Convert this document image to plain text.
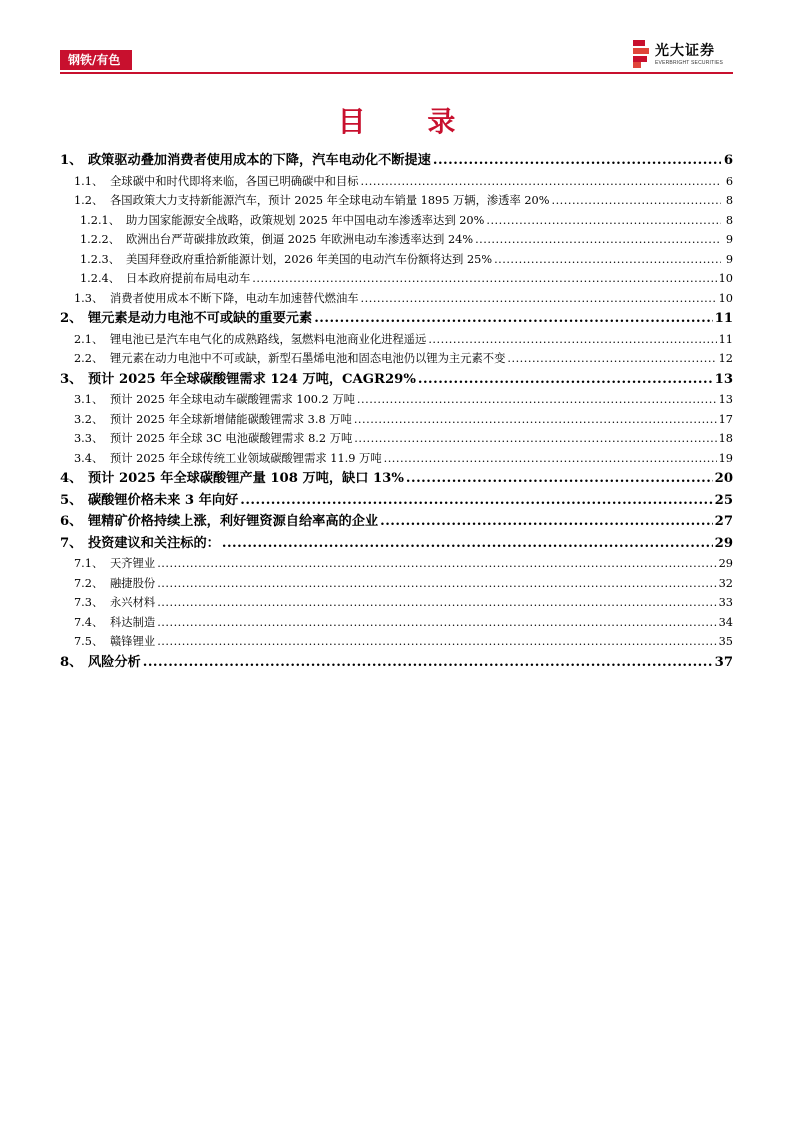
钢铁/有色
光大证券
EVERBRIGHT SECURITIES
目 录
1、 政策驱动叠加消费者使用成本的下降，汽车电动化不断提速 .....	6
1.1、 全球碳中和时代即将来临，各国已明确碳中和目标 .....	6
1.2、 各国政策大力支持新能源汽车，预计 2025 年全球电动车销量 1895 万辆，渗透率 20% .....	8
1.2.1、 助力国家能源安全战略，政策规划 2025 年中国电动车渗透率达到 20% .....	8
1.2.2、 欧洲出台严苛碳排放政策，倒逼 2025 年欧洲电动车渗透率达到 24% .....	9
1.2.3、 美国拜登政府重拾新能源计划，2026 年美国的电动汽车份额将达到 25% .....	9
1.2.4、 日本政府提前布局电动车 .....	10
1.3、 消费者使用成本不断下降，电动车加速替代燃油车 .....	10
2、 锂元素是动力电池不可或缺的重要元素 .....	11
2.1、 锂电池已是汽车电气化的成熟路线，氢燃料电池商业化进程遥远 .....	11
2.2、 锂元素在动力电池中不可或缺，新型石墨烯电池和固态电池仍以锂为主元素不变 .....	12
3、 预计 2025 年全球碳酸锂需求 124 万吨，CAGR29% .....	13
3.1、 预计 2025 年全球电动车碳酸锂需求 100.2 万吨 .....	13
3.2、 预计 2025 年全球新增储能碳酸锂需求 3.8 万吨 .....	17
3.3、 预计 2025 年全球 3C 电池碳酸锂需求 8.2 万吨 .....	18
3.4、 预计 2025 年全球传统工业领域碳酸锂需求 11.9 万吨 .....	19
4、 预计 2025 年全球碳酸锂产量 108 万吨，缺口 13% .....	20
5、 碳酸锂价格未来 3 年向好 .....	25
6、 锂精矿价格持续上涨，利好锂资源自给率高的企业 .....	27
7、 投资建议和关注标的： .....	29
7.1、 天齐锂业 .....	29
7.2、 融捷股份 .....	32
7.3、 永兴材料 .....	33
7.4、 科达制造 .....	34
7.5、 赣锋锂业 .....	35
8、 风险分析 .....	37
